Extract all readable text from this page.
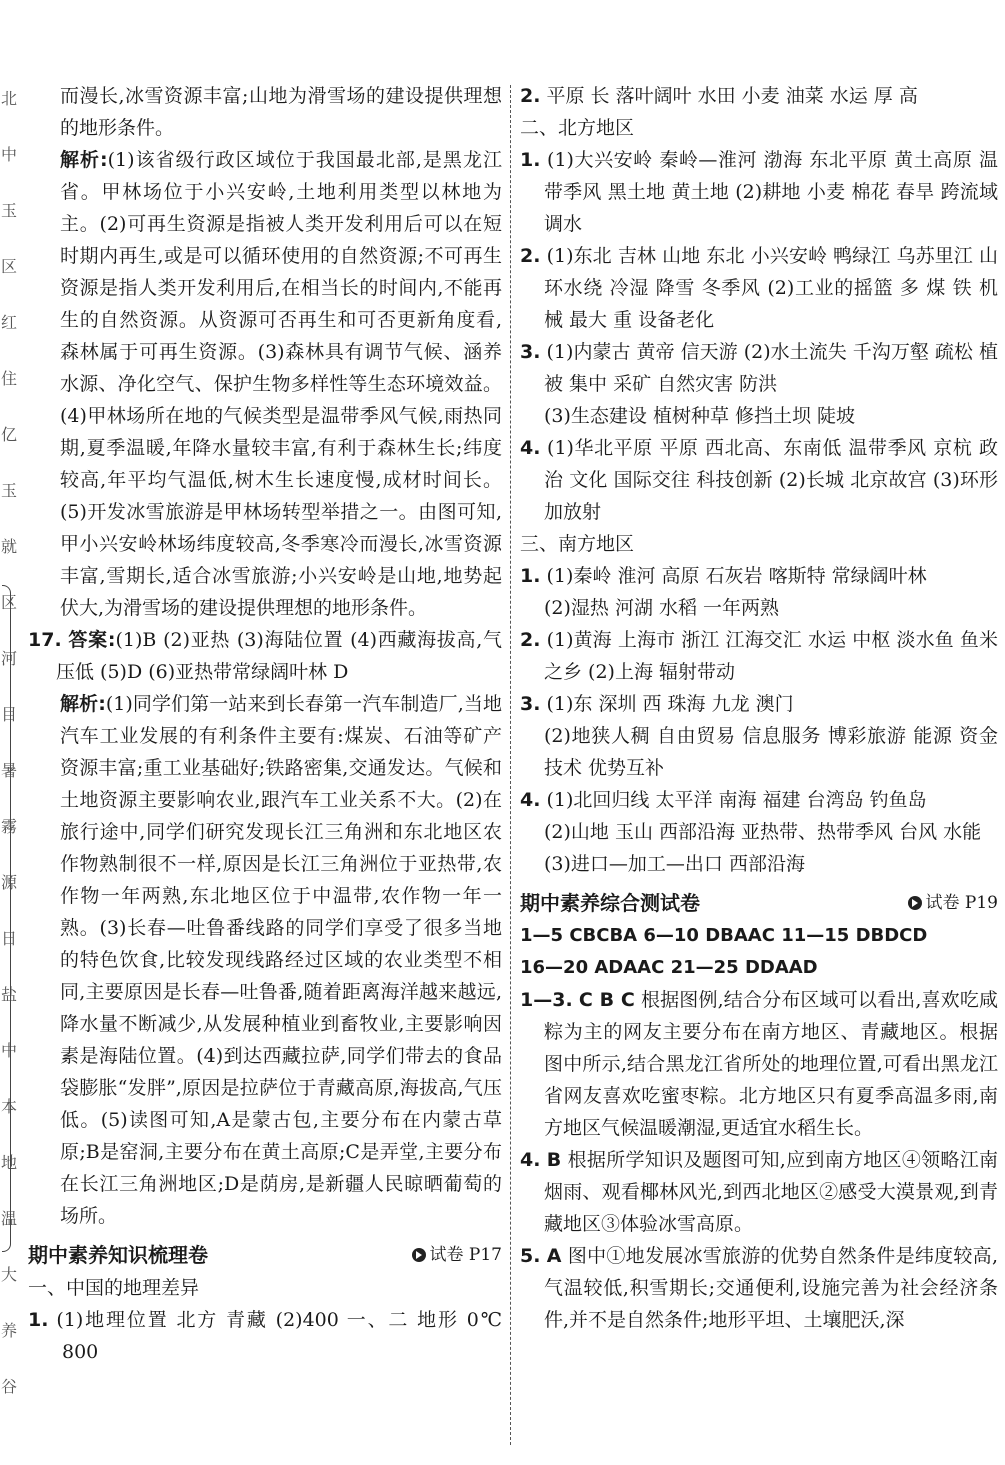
北
中
玉
区
红
住
亿
玉
就
区
河
目
暑
霧
源
日
盐
中
本
地
温
大
养
谷

而漫长,冰雪资源丰富;山地为滑雪场的建设提供理想的地形条件。

解析:(1)该省级行政区域位于我国最北部,是黑龙江省。甲林场位于小兴安岭,土地利用类型以林地为主。(2)可再生资源是指被人类开发利用后可以在短时期内再生,或是可以循环使用的自然资源;不可再生资源是指人类开发利用后,在相当长的时间内,不能再生的自然资源。从资源可否再生和可否更新角度看,森林属于可再生资源。(3)森林具有调节气候、涵养水源、净化空气、保护生物多样性等生态环境效益。(4)甲林场所在地的气候类型是温带季风气候,雨热同期,夏季温暖,年降水量较丰富,有利于森林生长;纬度较高,年平均气温低,树木生长速度慢,成材时间长。(5)开发冰雪旅游是甲林场转型举措之一。由图可知,甲小兴安岭林场纬度较高,冬季寒冷而漫长,冰雪资源丰富,雪期长,适合冰雪旅游;小兴安岭是山地,地势起伏大,为滑雪场的建设提供理想的地形条件。

17. 答案:(1)B (2)亚热 (3)海陆位置 (4)西藏海拔高,气压低 (5)D (6)亚热带常绿阔叶林 D

解析:(1)同学们第一站来到长春第一汽车制造厂,当地汽车工业发展的有利条件主要有:煤炭、石油等矿产资源丰富;重工业基础好;铁路密集,交通发达。气候和土地资源主要影响农业,跟汽车工业关系不大。(2)在旅行途中,同学们研究发现长江三角洲和东北地区农作物熟制很不一样,原因是长江三角洲位于亚热带,农作物一年两熟,东北地区位于中温带,农作物一年一熟。(3)长春—吐鲁番线路的同学们享受了很多当地的特色饮食,比较发现线路经过区域的农业类型不相同,主要原因是长春—吐鲁番,随着距离海洋越来越远,降水量不断减少,从发展种植业到畜牧业,主要影响因素是海陆位置。(4)到达西藏拉萨,同学们带去的食品袋膨胀“发胖”,原因是拉萨位于青藏高原,海拔高,气压低。(5)读图可知,A是蒙古包,主要分布在内蒙古草原;B是窑洞,主要分布在黄土高原;C是弄堂,主要分布在长江三角洲地区;D是荫房,是新疆人民晾晒葡萄的场所。

期中素养知识梳理卷	试卷 P17

一、中国的地理差异

1. (1)地理位置 北方 青藏 (2)400 一、二 地形 0℃ 800

2. 平原 长 落叶阔叶 水田 小麦 油菜 水运 厚 高

二、北方地区

1. (1)大兴安岭 秦岭—淮河 渤海 东北平原 黄土高原 温带季风 黑土地 黄土地 (2)耕地 小麦 棉花 春旱 跨流域调水

2. (1)东北 吉林 山地 东北 小兴安岭 鸭绿江 乌苏里江 山环水绕 冷湿 降雪 冬季风 (2)工业的摇篮 多 煤 铁 机械 最大 重 设备老化

3. (1)内蒙古 黄帝 信天游 (2)水土流失 千沟万壑 疏松 植被 集中 采矿 自然灾害 防洪

(3)生态建设 植树种草 修挡土坝 陡坡

4. (1)华北平原 平原 西北高、东南低 温带季风 京杭 政治 文化 国际交往 科技创新 (2)长城 北京故宫 (3)环形加放射

三、南方地区

1. (1)秦岭 淮河 高原 石灰岩 喀斯特 常绿阔叶林

(2)湿热 河湖 水稻 一年两熟

2. (1)黄海 上海市 浙江 江海交汇 水运 中枢 淡水鱼 鱼米之乡 (2)上海 辐射带动

3. (1)东 深圳 西 珠海 九龙 澳门

(2)地狭人稠 自由贸易 信息服务 博彩旅游 能源 资金 技术 优势互补

4. (1)北回归线 太平洋 南海 福建 台湾岛 钓鱼岛

(2)山地 玉山 西部沿海 亚热带、热带季风 台风 水能

(3)进口—加工—出口 西部沿海

期中素养综合测试卷	试卷 P19

1—5 CBCBA 6—10 DBAAC 11—15 DBDCD

16—20 ADAAC 21—25 DDAAD

1—3. C B C 根据图例,结合分布区域可以看出,喜欢吃咸粽为主的网友主要分布在南方地区、青藏地区。根据图中所示,结合黑龙江省所处的地理位置,可看出黑龙江省网友喜欢吃蜜枣粽。北方地区只有夏季高温多雨,南方地区气候温暖潮湿,更适宜水稻生长。

4. B 根据所学知识及题图可知,应到南方地区④领略江南烟雨、观看椰林风光,到西北地区②感受大漠景观,到青藏地区③体验冰雪高原。

5. A 图中①地发展冰雪旅游的优势自然条件是纬度较高,气温较低,积雪期长;交通便利,设施完善为社会经济条件,并不是自然条件;地形平坦、土壤肥沃,深
